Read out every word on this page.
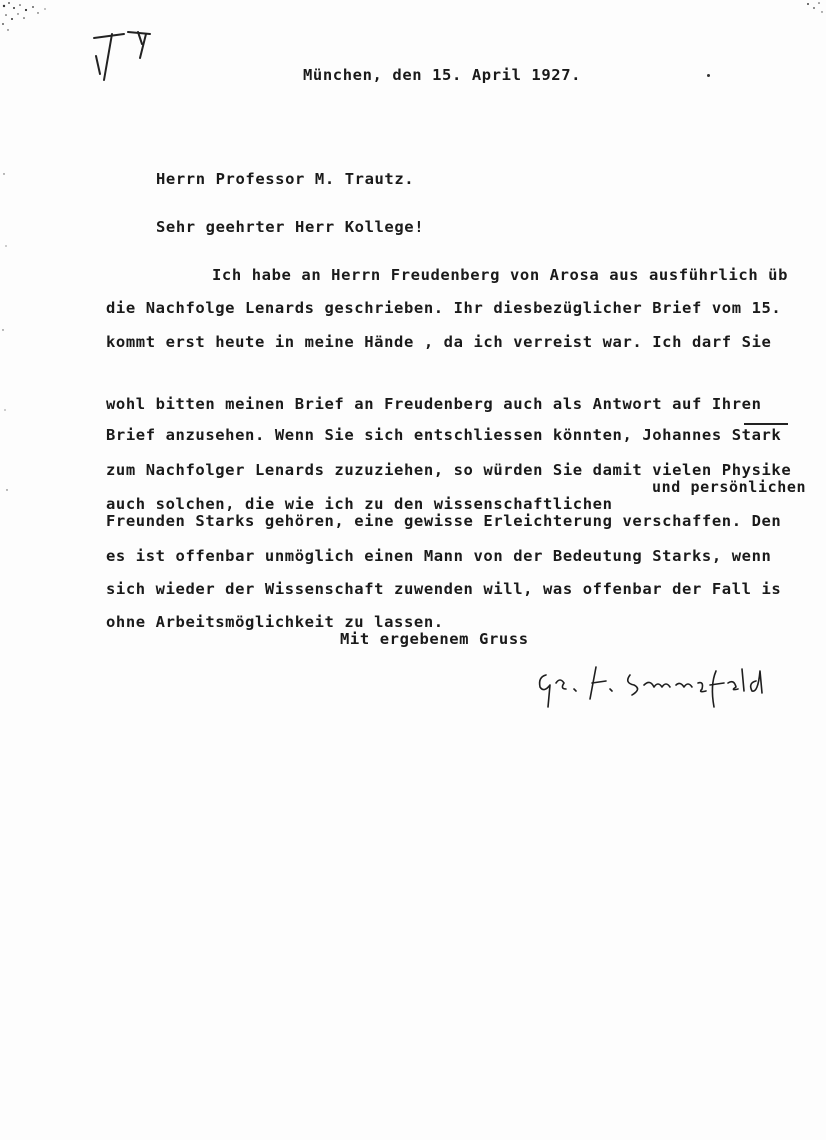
München, den 15. April 1927.
Herrn Professor M. Trautz.
Sehr geehrter Herr Kollege!
Ich habe an Herrn Freudenberg von Arosa aus ausführlich üb
die Nachfolge Lenards geschrieben. Ihr diesbezüglicher Brief vom 15.
kommt erst heute in meine Hände , da ich verreist war. Ich darf Sie
wohl bitten meinen Brief an Freudenberg auch als Antwort auf Ihren
Brief anzusehen. Wenn Sie sich entschliessen könnten, Johannes Stark
zum Nachfolger Lenards zuzuziehen, so würden Sie damit vielen Physike
und persönlichen
auch solchen, die wie ich zu den wissenschaftlichen
Freunden Starks gehören, eine gewisse Erleichterung verschaffen. Den
es ist offenbar unmöglich einen Mann von der Bedeutung Starks, wenn
sich wieder der Wissenschaft zuwenden will, was offenbar der Fall is
ohne Arbeitsmöglichkeit zu lassen.
Mit ergebenem Gruss
